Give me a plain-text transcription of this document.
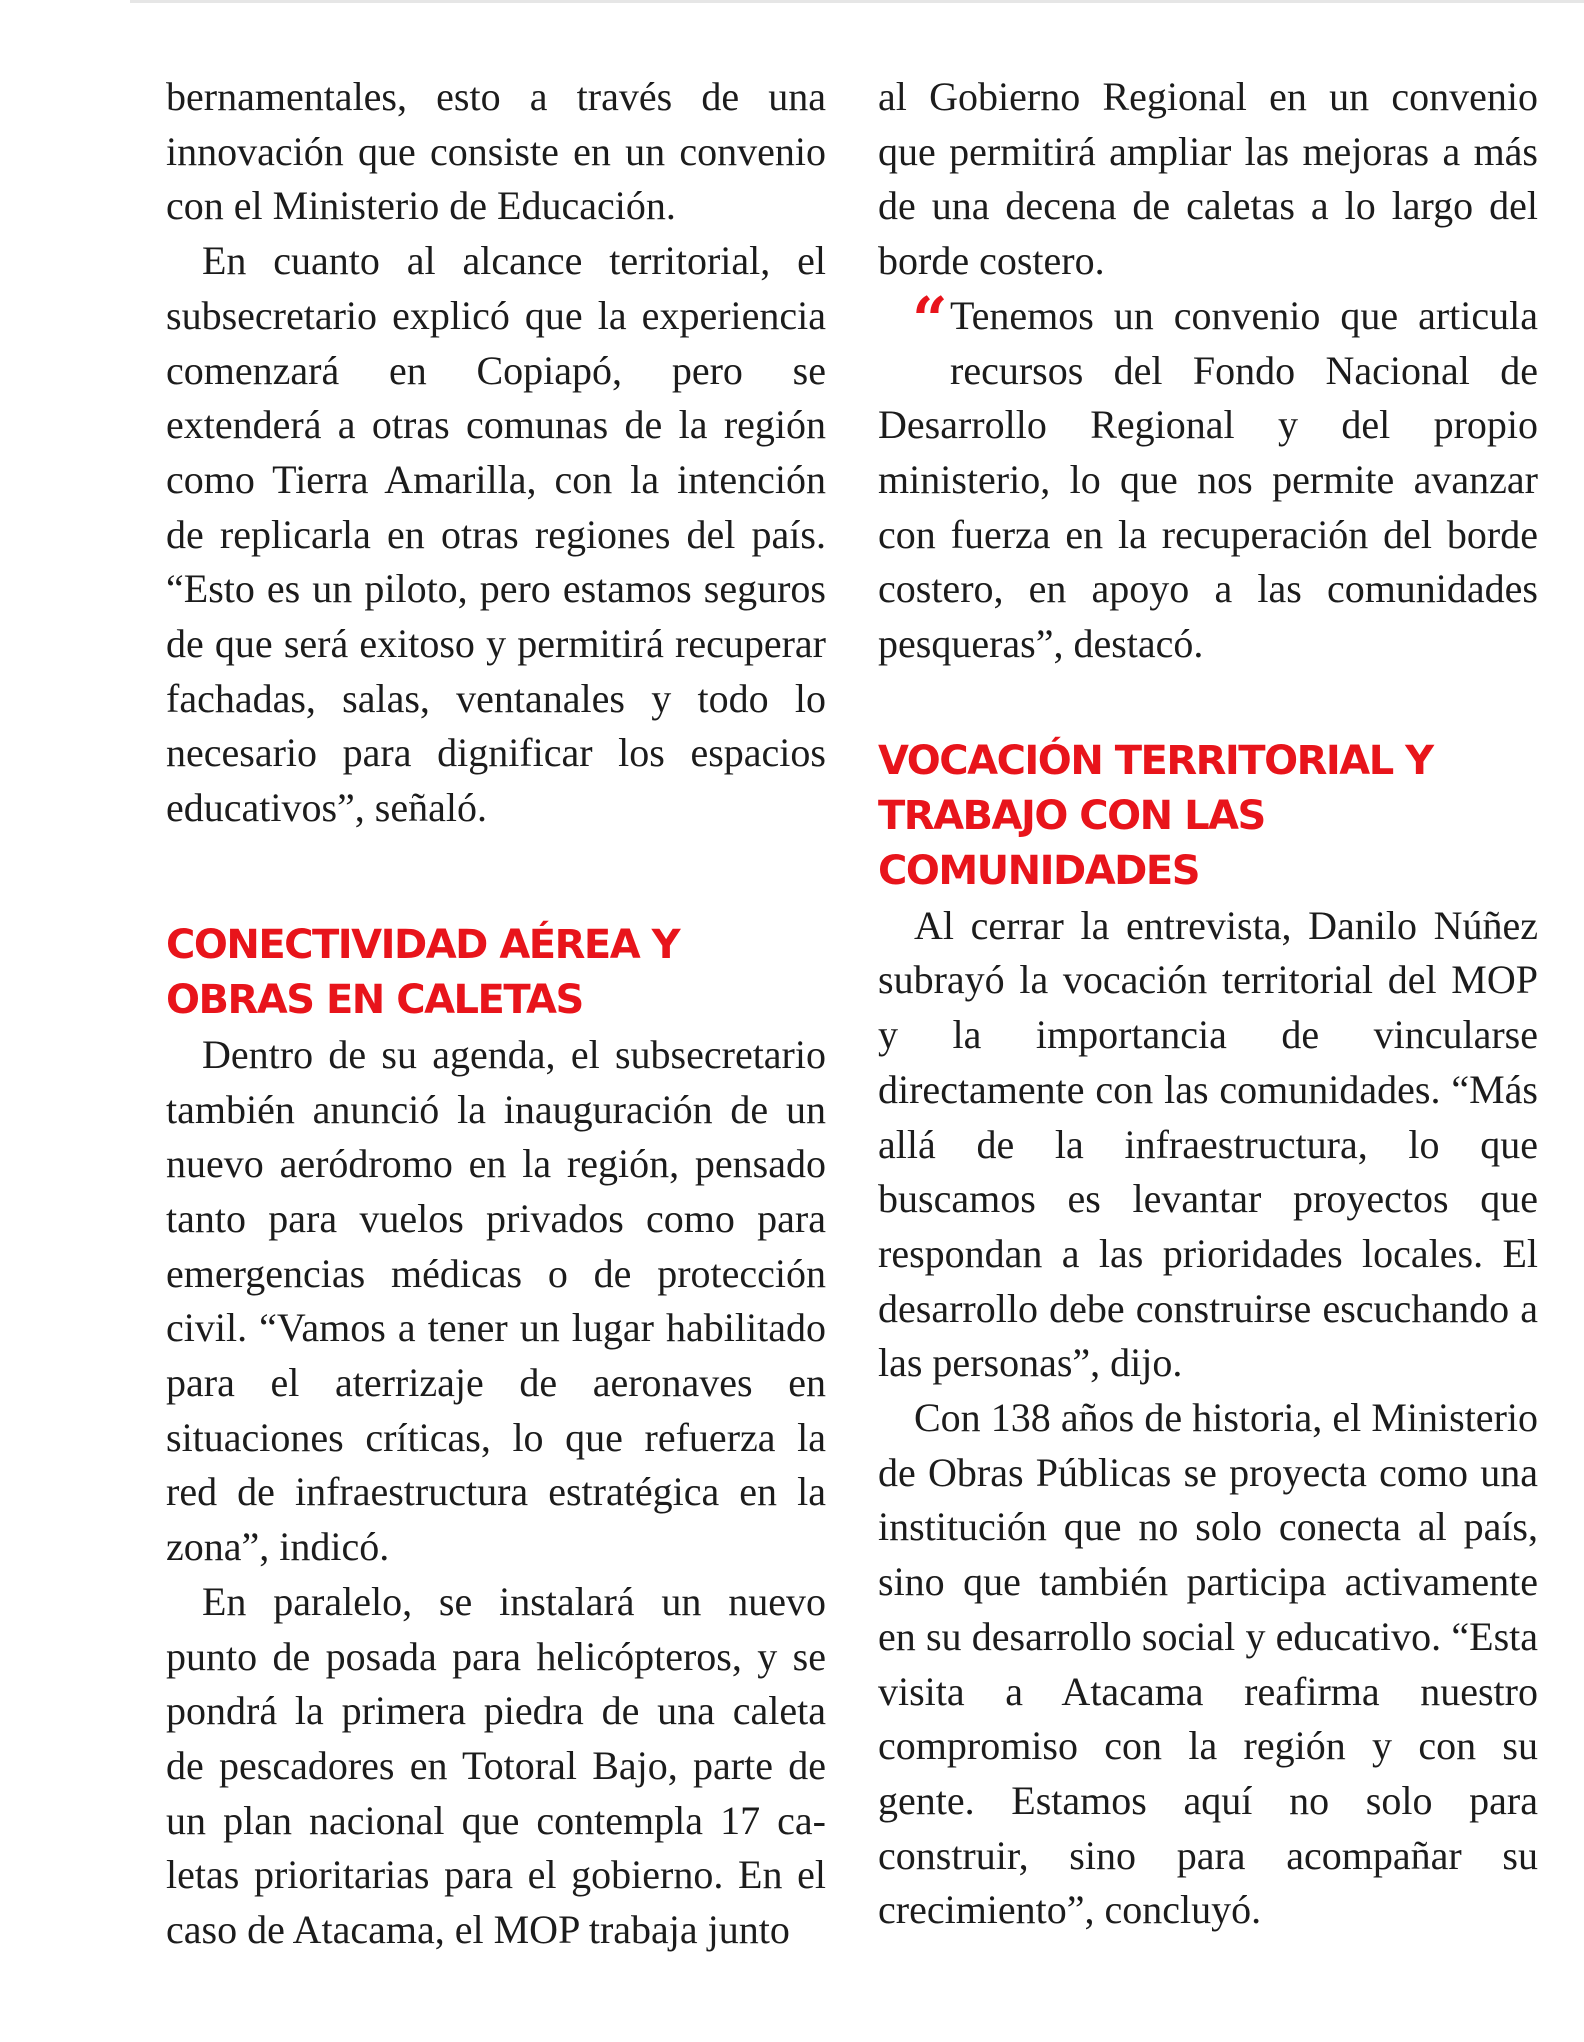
bernamentales, esto a través de una innovación que consiste en un convenio con el Ministerio de Educación.

En cuanto al alcance territorial, el subsecretario explicó que la experiencia comenzará en Copiapó, pero se extenderá a otras comunas de la región como Tierra Amarilla, con la intención de replicarla en otras regiones del país. “Esto es un piloto, pero estamos seguros de que será exitoso y permitirá recuperar fachadas, salas, ventanales y todo lo necesario para dignificar los espacios educativos”, señaló.

CONECTIVIDAD AÉREA Y OBRAS EN CALETAS

Dentro de su agenda, el subsecretario también anunció la inauguración de un nuevo aeródromo en la región, pensado tanto para vuelos privados como para emergencias médicas o de protección civil. “Vamos a tener un lugar habilitado para el aterrizaje de aeronaves en situaciones críticas, lo que refuerza la red de infraestructura estratégica en la zona”, indicó.

En paralelo, se instalará un nuevo punto de posada para helicópteros, y se pondrá la primera piedra de una caleta de pescadores en Totoral Bajo, parte de un plan nacional que contempla 17 caletas prioritarias para el gobierno. En el caso de Atacama, el MOP trabaja junto

al Gobierno Regional en un convenio que permitirá ampliar las mejoras a más de una decena de caletas a lo largo del borde costero.

“ Tenemos un convenio que articula recursos del Fondo Nacional de Desarrollo Regional y del propio ministerio, lo que nos permite avanzar con fuerza en la recuperación del borde costero, en apoyo a las comunidades pesqueras”, destacó.
VOCACIÓN TERRITORIAL Y TRABAJO CON LAS COMUNIDADES

Al cerrar la entrevista, Danilo Núñez subrayó la vocación territorial del MOP y la importancia de vincularse directamente con las comunidades. “Más allá de la infraestructura, lo que buscamos es levantar proyectos que respondan a las prioridades locales. El desarrollo debe construirse escuchando a las personas”, dijo.

Con 138 años de historia, el Ministerio de Obras Públicas se proyecta como una institución que no solo conecta al país, sino que también participa activamente en su desarrollo social y educativo. “Esta visita a Atacama reafirma nuestro compromiso con la región y con su gente. Estamos aquí no solo para construir, sino para acompañar su crecimiento”, concluyó.
